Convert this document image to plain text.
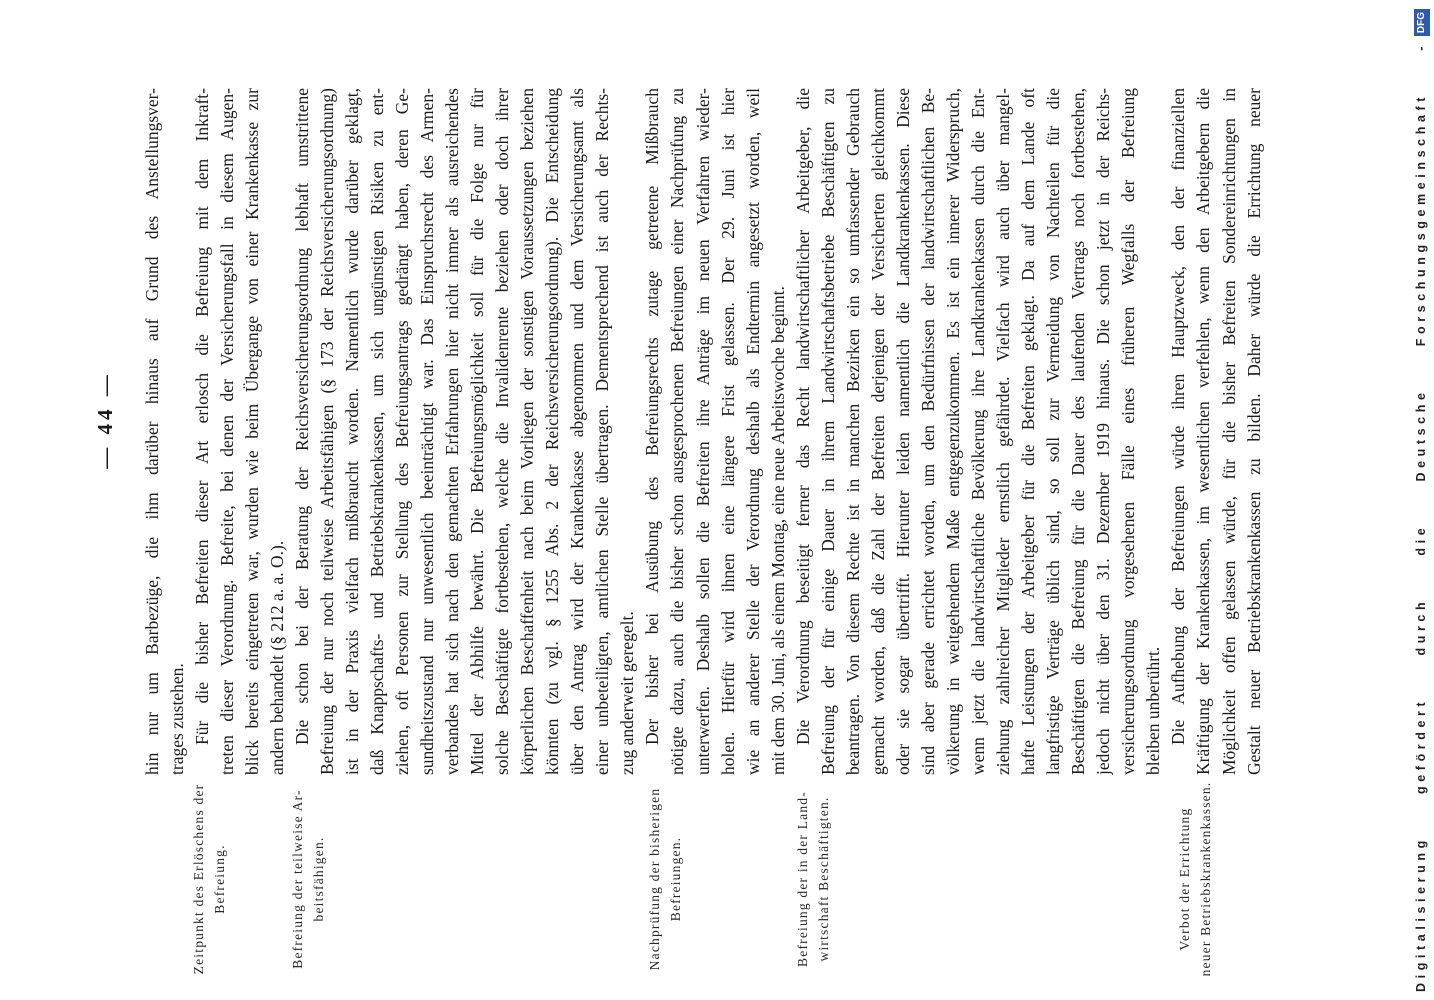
— 44 —
Zeitpunkt des Erlöschens der Befreiung.	Befreiung der teilweise Ar- beitsfähigen.	Nachprüfung der bisherigen Befreiungen.	Befreiung der in der Land- wirtschaft Beschäftigten.	Verbot der Errichtung neuer Betriebskrankenkassen.
hin nur um Barbezüge, die ihm darüber hinaus auf Grund des Anstellungsver- trages zustehen. Für die bisher Befreiten dieser Art erlosch die Befreiung mit dem Inkraft- treten dieser Verordnung. Befreite, bei denen der Versicherungsfall in diesem Augen- blick bereits eingetreten war, wurden wie beim Übergange von einer Krankenkasse zur andern behandelt (§ 212 a. a. O.). Die schon bei der Beratung der Reichsversicherungsordnung lebhaft umstrittene Befreiung der nur noch teilweise Arbeitsfähigen (§ 173 der Reichsversicherungsordnung) ist in der Praxis vielfach mißbraucht worden. Namentlich wurde darüber geklagt, daß Knappschafts- und Betriebskrankenkassen, um sich ungünstigen Risiken zu ent- ziehen, oft Personen zur Stellung des Befreiungsantrags gedrängt haben, deren Ge- sundheitszustand nur unwesentlich beeinträchtigt war. Das Einspruchsrecht des Armen- verbandes hat sich nach den gemachten Erfahrungen hier nicht immer als ausreichendes Mittel der Abhilfe bewährt. Die Befreiungsmöglichkeit soll für die Folge nur für solche Beschäftigte fortbestehen, welche die Invalidenrente beziehen oder doch ihrer körperlichen Beschaffenheit nach beim Vorliegen der sonstigen Voraussetzungen beziehen könnten (zu vgl. § 1255 Abs. 2 der Reichsversicherungsordnung). Die Entscheidung über den Antrag wird der Krankenkasse abgenommen und dem Versicherungsamt als einer unbeteiligten, amtlichen Stelle übertragen. Dementsprechend ist auch der Rechts- zug anderweit geregelt. Der bisher bei Ausübung des Befreiungsrechts zutage getretene Mißbrauch nötigte dazu, auch die bisher schon ausgesprochenen Befreiungen einer Nachprüfung zu unterwerfen. Deshalb sollen die Befreiten ihre Anträge im neuen Verfahren wieder- holen. Hierfür wird ihnen eine längere Frist gelassen. Der 29. Juni ist hier wie an anderer Stelle der Verordnung deshalb als Endtermin angesetzt worden, weil mit dem 30. Juni, als einem Montag, eine neue Arbeitswoche beginnt. Die Verordnung beseitigt ferner das Recht landwirtschaftlicher Arbeitgeber, die Befreiung der für einige Dauer in ihrem Landwirtschaftsbetriebe Beschäftigten zu beantragen. Von diesem Rechte ist in manchen Bezirken ein so umfassender Gebrauch gemacht worden, daß die Zahl der Befreiten derjenigen der Versicherten gleichkommt oder sie sogar übertrifft. Hierunter leiden namentlich die Landkrankenkassen. Diese sind aber gerade errichtet worden, um den Bedürfnissen der landwirtschaftlichen Be- völkerung in weitgehendem Maße entgegenzukommen. Es ist ein innerer Widerspruch, wenn jetzt die landwirtschaftliche Bevölkerung ihre Landkrankenkassen durch die Ent- ziehung zahlreicher Mitglieder ernstlich gefährdet. Vielfach wird auch über mangel- hafte Leistungen der Arbeitgeber für die Befreiten geklagt. Da auf dem Lande oft langfristige Verträge üblich sind, so soll zur Vermeidung von Nachteilen für die Beschäftigten die Befreiung für die Dauer des laufenden Vertrags noch fortbestehen, jedoch nicht über den 31. Dezember 1919 hinaus. Die schon jetzt in der Reichs- versicherungsordnung vorgesehenen Fälle eines früheren Wegfalls der Befreiung bleiben unberührt. Die Aufhebung der Befreiungen würde ihren Hauptzweck, den der finanziellen Kräftigung der Krankenkassen, im wesentlichen verfehlen, wenn den Arbeitgebern die Möglichkeit offen gelassen würde, für die bisher Befreiten Sondereinrichtungen in Gestalt neuer Betriebskrankenkassen zu bilden. Daher würde die Errichtung neuer	Digitalisierung gefördert durch die Deutsche Forschungsgemeinschaft -
DFG
